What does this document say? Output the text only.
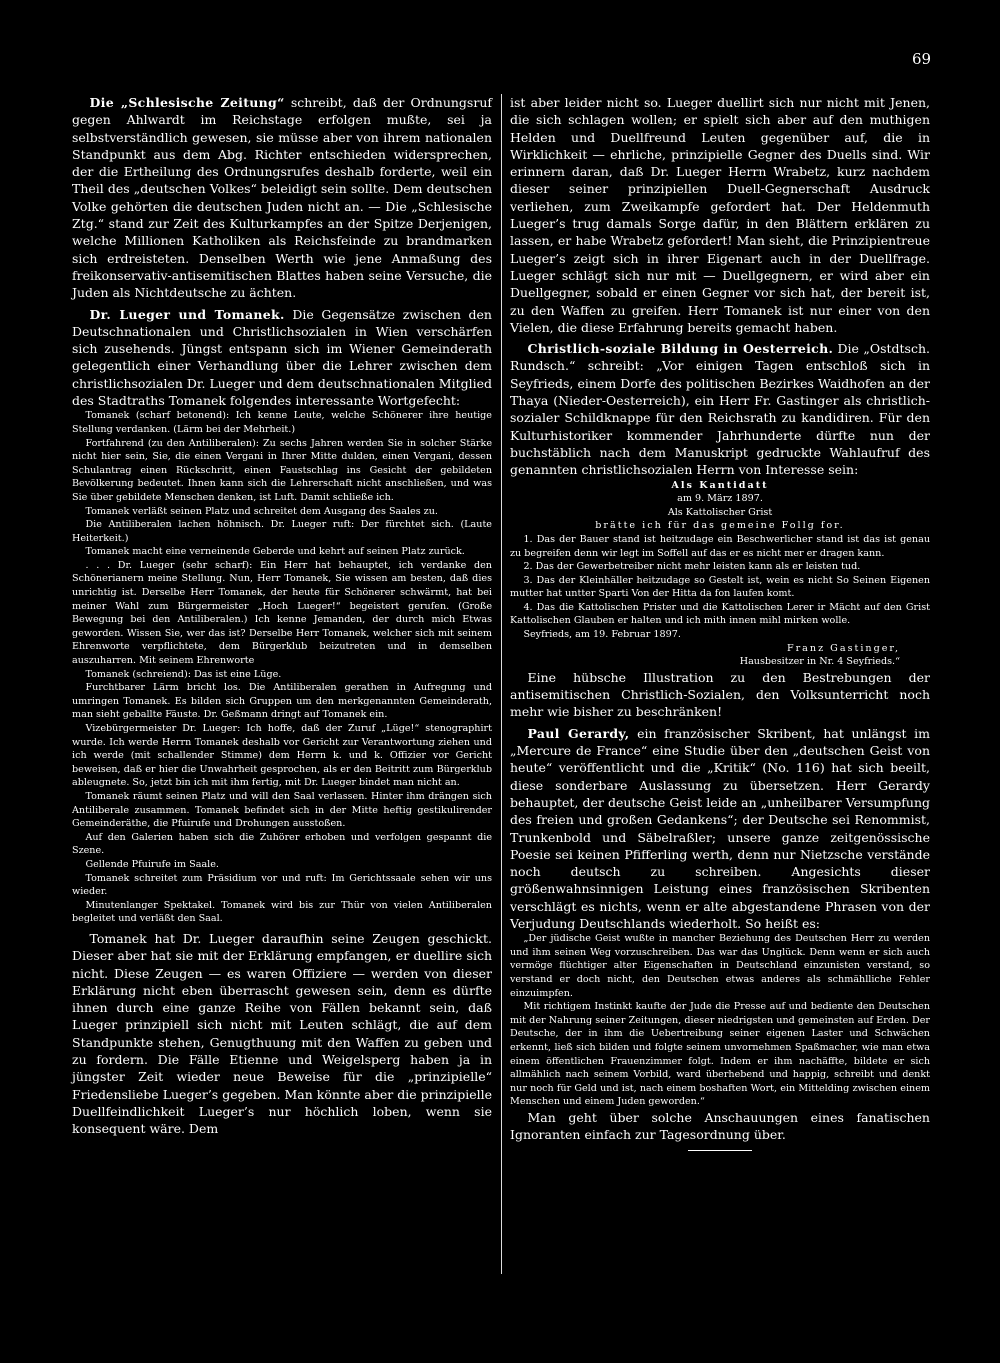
69

Die „Schlesische Zeitung“ schreibt, daß der Ordnungsruf gegen Ahlwardt im Reichstage erfolgen mußte, sei ja selbstverständlich gewesen, sie müsse aber von ihrem nationalen Standpunkt aus dem Abg. Richter entschieden widersprechen, der die Ertheilung des Ordnungsrufes deshalb forderte, weil ein Theil des „deutschen Volkes“ beleidigt sein sollte. Dem deutschen Volke gehörten die deutschen Juden nicht an. — Die „Schlesische Ztg.“ stand zur Zeit des Kulturkampfes an der Spitze Derjenigen, welche Millionen Katholiken als Reichsfeinde zu brandmarken sich erdreisteten. Denselben Werth wie jene Anmaßung des freikonservativ-antisemitischen Blattes haben seine Versuche, die Juden als Nichtdeutsche zu ächten.

Dr. Lueger und Tomanek. Die Gegensätze zwischen den Deutschnationalen und Christlichsozialen in Wien verschärfen sich zusehends. Jüngst entspann sich im Wiener Gemeinderath gelegentlich einer Verhandlung über die Lehrer zwischen dem christlichsozialen Dr. Lueger und dem deutschnationalen Mitglied des Stadtraths Tomanek folgendes interessante Wortgefecht:

Tomanek (scharf betonend): Ich kenne Leute, welche Schönerer ihre heutige Stellung verdanken. (Lärm bei der Mehrheit.)

Fortfahrend (zu den Antiliberalen): Zu sechs Jahren werden Sie in solcher Stärke nicht hier sein, Sie, die einen Vergani in Ihrer Mitte dulden, einen Vergani, dessen Schulantrag einen Rückschritt, einen Faustschlag ins Gesicht der gebildeten Bevölkerung bedeutet. Ihnen kann sich die Lehrerschaft nicht anschließen, und was Sie über gebildete Menschen denken, ist Luft. Damit schließe ich.

Tomanek verläßt seinen Platz und schreitet dem Ausgang des Saales zu.

Die Antiliberalen lachen höhnisch. Dr. Lueger ruft: Der fürchtet sich. (Laute Heiterkeit.)

Tomanek macht eine verneinende Geberde und kehrt auf seinen Platz zurück.

. . . Dr. Lueger (sehr scharf): Ein Herr hat behauptet, ich verdanke den Schönerianern meine Stellung. Nun, Herr Tomanek, Sie wissen am besten, daß dies unrichtig ist. Derselbe Herr Tomanek, der heute für Schönerer schwärmt, hat bei meiner Wahl zum Bürgermeister „Hoch Lueger!“ begeistert gerufen. (Große Bewegung bei den Antiliberalen.) Ich kenne Jemanden, der durch mich Etwas geworden. Wissen Sie, wer das ist? Derselbe Herr Tomanek, welcher sich mit seinem Ehrenworte verpflichtete, dem Bürgerklub beizutreten und in demselben auszuharren. Mit seinem Ehrenworte

Tomanek (schreiend): Das ist eine Lüge.

Furchtbarer Lärm bricht los. Die Antiliberalen gerathen in Aufregung und umringen Tomanek. Es bilden sich Gruppen um den merkgenannten Gemeinderath, man sieht geballte Fäuste. Dr. Geßmann dringt auf Tomanek ein.

Vizebürgermeister Dr. Lueger: Ich hoffe, daß der Zuruf „Lüge!“ stenographirt wurde. Ich werde Herrn Tomanek deshalb vor Gericht zur Verantwortung ziehen und ich werde (mit schallender Stimme) dem Herrn k. und k. Offizier vor Gericht beweisen, daß er hier die Unwahrheit gesprochen, als er den Beitritt zum Bürgerklub ableugnete. So, jetzt bin ich mit ihm fertig, mit Dr. Lueger bindet man nicht an.

Tomanek räumt seinen Platz und will den Saal verlassen. Hinter ihm drängen sich Antiliberale zusammen. Tomanek befindet sich in der Mitte heftig gestikulirender Gemeinderäthe, die Pfuirufe und Drohungen ausstoßen.

Auf den Galerien haben sich die Zuhörer erhoben und verfolgen gespannt die Szene.

Gellende Pfuirufe im Saale.

Tomanek schreitet zum Präsidium vor und ruft: Im Gerichtssaale sehen wir uns wieder.

Minutenlanger Spektakel. Tomanek wird bis zur Thür von vielen Antiliberalen begleitet und verläßt den Saal.

Tomanek hat Dr. Lueger daraufhin seine Zeugen geschickt. Dieser aber hat sie mit der Erklärung empfangen, er duellire sich nicht. Diese Zeugen — es waren Offiziere — werden von dieser Erklärung nicht eben überrascht gewesen sein, denn es dürfte ihnen durch eine ganze Reihe von Fällen bekannt sein, daß Lueger prinzipiell sich nicht mit Leuten schlägt, die auf dem Standpunkte stehen, Genugthuung mit den Waffen zu geben und zu fordern. Die Fälle Etienne und Weigelsperg haben ja in jüngster Zeit wieder neue Beweise für die „prinzipielle“ Friedensliebe Lueger’s gegeben. Man könnte aber die prinzipielle Duellfeindlichkeit Lueger’s nur höchlich loben, wenn sie konsequent wäre. Dem

ist aber leider nicht so. Lueger duellirt sich nur nicht mit Jenen, die sich schlagen wollen; er spielt sich aber auf den muthigen Helden und Duellfreund Leuten gegenüber auf, die in Wirklichkeit — ehrliche, prinzipielle Gegner des Duells sind. Wir erinnern daran, daß Dr. Lueger Herrn Wrabetz, kurz nachdem dieser seiner prinzipiellen Duell-Gegnerschaft Ausdruck verliehen, zum Zweikampfe gefordert hat. Der Heldenmuth Lueger’s trug damals Sorge dafür, in den Blättern erklären zu lassen, er habe Wrabetz gefordert! Man sieht, die Prinzipientreue Lueger’s zeigt sich in ihrer Eigenart auch in der Duellfrage. Lueger schlägt sich nur mit — Duellgegnern, er wird aber ein Duellgegner, sobald er einen Gegner vor sich hat, der bereit ist, zu den Waffen zu greifen. Herr Tomanek ist nur einer von den Vielen, die diese Erfahrung bereits gemacht haben.

Christlich-soziale Bildung in Oesterreich. Die „Ostdtsch. Rundsch.“ schreibt: „Vor einigen Tagen entschloß sich in Seyfrieds, einem Dorfe des politischen Bezirkes Waidhofen an der Thaya (Nieder-Oesterreich), ein Herr Fr. Gastinger als christlich-sozialer Schildknappe für den Reichsrath zu kandidiren. Für den Kulturhistoriker kommender Jahrhunderte dürfte nun der buchstäblich nach dem Manuskript gedruckte Wahlaufruf des genannten christlichsozialen Herrn von Interesse sein:

Als Kantidatt

am 9. März 1897.

Als Kattolischer Grist

brätte ich für das gemeine Follg for.

1. Das der Bauer stand ist heitzudage ein Beschwerlicher stand ist das ist genau zu begreifen denn wir legt im Soffell auf das er es nicht mer er dragen kann.

2. Das der Gewerbetreiber nicht mehr leisten kann als er leisten tud.

3. Das der Kleinhäller heitzudage so Gestelt ist, wein es nicht So Seinen Eigenen mutter hat untter Sparti Von der Hitta da fon laufen komt.

4. Das die Kattolischen Prister und die Kattolischen Lerer ir Mächt auf den Grist Kattolischen Glauben er halten und ich mith innen mihl mirken wolle.

Seyfrieds, am 19. Februar 1897.

Franz Gastinger,

Hausbesitzer in Nr. 4 Seyfrieds.“

Eine hübsche Illustration zu den Bestrebungen der antisemitischen Christlich-Sozialen, den Volksunterricht noch mehr wie bisher zu beschränken!

Paul Gerardy, ein französischer Skribent, hat unlängst im „Mercure de France“ eine Studie über den „deutschen Geist von heute“ veröffentlicht und die „Kritik“ (No. 116) hat sich beeilt, diese sonderbare Auslassung zu übersetzen. Herr Gerardy behauptet, der deutsche Geist leide an „unheilbarer Versumpfung des freien und großen Gedankens“; der Deutsche sei Renommist, Trunkenbold und Säbelraßler; unsere ganze zeitgenössische Poesie sei keinen Pfifferling werth, denn nur Nietzsche verstände noch deutsch zu schreiben. Angesichts dieser größenwahnsinnigen Leistung eines französischen Skribenten verschlägt es nichts, wenn er alte abgestandene Phrasen von der Verjudung Deutschlands wiederholt. So heißt es:

„Der jüdische Geist wußte in mancher Beziehung des Deutschen Herr zu werden und ihm seinen Weg vorzuschreiben. Das war das Unglück. Denn wenn er sich auch vermöge flüchtiger alter Eigenschaften in Deutschland einzunisten verstand, so verstand er doch nicht, den Deutschen etwas anderes als schmählliche Fehler einzuimpfen.

Mit richtigem Instinkt kaufte der Jude die Presse auf und bediente den Deutschen mit der Nahrung seiner Zeitungen, dieser niedrigsten und gemeinsten auf Erden. Der Deutsche, der in ihm die Uebertreibung seiner eigenen Laster und Schwächen erkennt, ließ sich bilden und folgte seinem unvornehmen Spaßmacher, wie man etwa einem öffentlichen Frauenzimmer folgt. Indem er ihm nachäffte, bildete er sich allmählich nach seinem Vorbild, ward überhebend und happig, schreibt und denkt nur noch für Geld und ist, nach einem boshaften Wort, ein Mittelding zwischen einem Menschen und einem Juden geworden.“

Man geht über solche Anschauungen eines fanatischen Ignoranten einfach zur Tagesordnung über.
